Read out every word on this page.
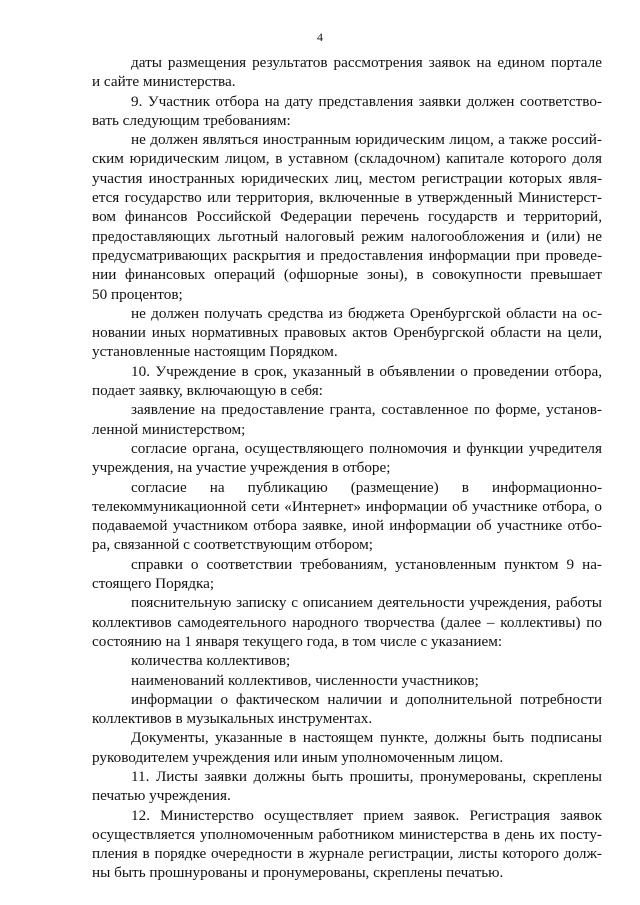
4
даты размещения результатов рассмотрения заявок на едином портале
и сайте министерства.
9. Участник отбора на дату представления заявки должен соответство-
вать следующим требованиям:
не должен являться иностранным юридическим лицом, а также россий-
ским юридическим лицом, в уставном (складочном) капитале которого доля
участия иностранных юридических лиц, местом регистрации которых явля-
ется государство или территория, включенные в утвержденный Министерст-
вом финансов Российской Федерации перечень государств и территорий,
предоставляющих льготный налоговый режим налогообложения и (или) не
предусматривающих раскрытия и предоставления информации при проведе-
нии финансовых операций (офшорные зоны), в совокупности превышает
50 процентов;
не должен получать средства из бюджета Оренбургской области на ос-
новании иных нормативных правовых актов Оренбургской области на цели,
установленные настоящим Порядком.
10. Учреждение в срок, указанный в объявлении о проведении отбора,
подает заявку, включающую в себя:
заявление на предоставление гранта, составленное по форме, установ-
ленной министерством;
согласие органа, осуществляющего полномочия и функции учредителя
учреждения, на участие учреждения в отборе;
согласие на публикацию (размещение) в информационно-
телекоммуникационной сети «Интернет» информации об участнике отбора, о
подаваемой участником отбора заявке, иной информации об участнике отбо-
ра, связанной с соответствующим отбором;
справки о соответствии требованиям, установленным пунктом 9 на-
стоящего Порядка;
пояснительную записку с описанием деятельности учреждения, работы
коллективов самодеятельного народного творчества (далее – коллективы) по
состоянию на 1 января текущего года, в том числе с указанием:
количества коллективов;
наименований коллективов, численности участников;
информации о фактическом наличии и дополнительной потребности
коллективов в музыкальных инструментах.
Документы, указанные в настоящем пункте, должны быть подписаны
руководителем учреждения или иным уполномоченным лицом.
11. Листы заявки должны быть прошиты, пронумерованы, скреплены
печатью учреждения.
12. Министерство осуществляет прием заявок. Регистрация заявок
осуществляется уполномоченным работником министерства в день их посту-
пления в порядке очередности в журнале регистрации, листы которого долж-
ны быть прошнурованы и пронумерованы, скреплены печатью.
